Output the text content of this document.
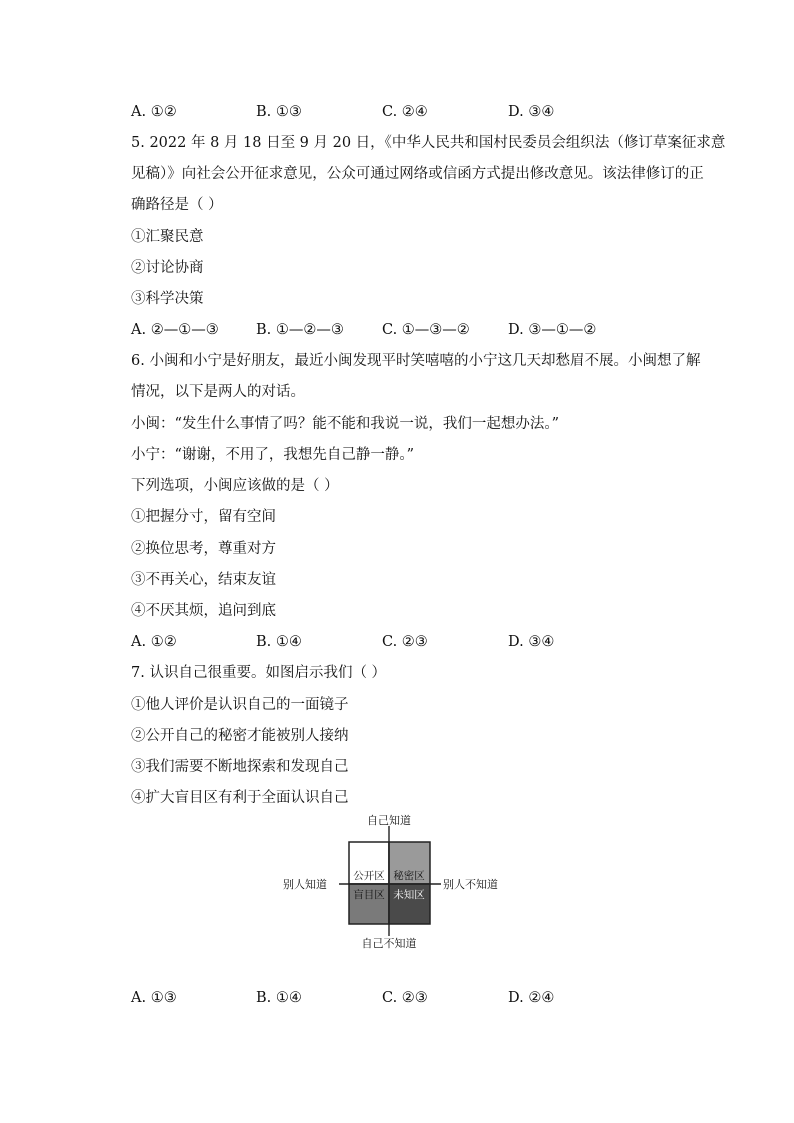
A. ①②	B. ①③	C. ②④	D. ③④
5. 2022 年 8 月 18 日至 9 月 20 日，《中华人民共和国村民委员会组织法（修订草案征求意
见稿）》向社会公开征求意见，公众可通过网络或信函方式提出修改意见。该法律修订的正
确路径是（ ）
①汇聚民意
②讨论协商
③科学决策
A. ②—①—③	B. ①—②—③	C. ①—③—②	D. ③—①—②
6. 小闽和小宁是好朋友，最近小闽发现平时笑嘻嘻的小宁这几天却愁眉不展。小闽想了解
情况，以下是两人的对话。
小闽：“发生什么事情了吗？能不能和我说一说，我们一起想办法。”
小宁：“谢谢，不用了，我想先自己静一静。”
下列选项，小闽应该做的是（ ）
①把握分寸，留有空间
②换位思考，尊重对方
③不再关心，结束友谊
④不厌其烦，追问到底
A. ①②	B. ①④	C. ②③	D. ③④
7. 认识自己很重要。如图启示我们（ ）
①他人评价是认识自己的一面镜子
②公开自己的秘密才能被别人接纳
③我们需要不断地探索和发现自己
④扩大盲目区有利于全面认识自己
自己知道
自己不知道
别人知道	别人不知道
公开区 秘密区
盲目区 未知区
A. ①③	B. ①④	C. ②③	D. ②④
